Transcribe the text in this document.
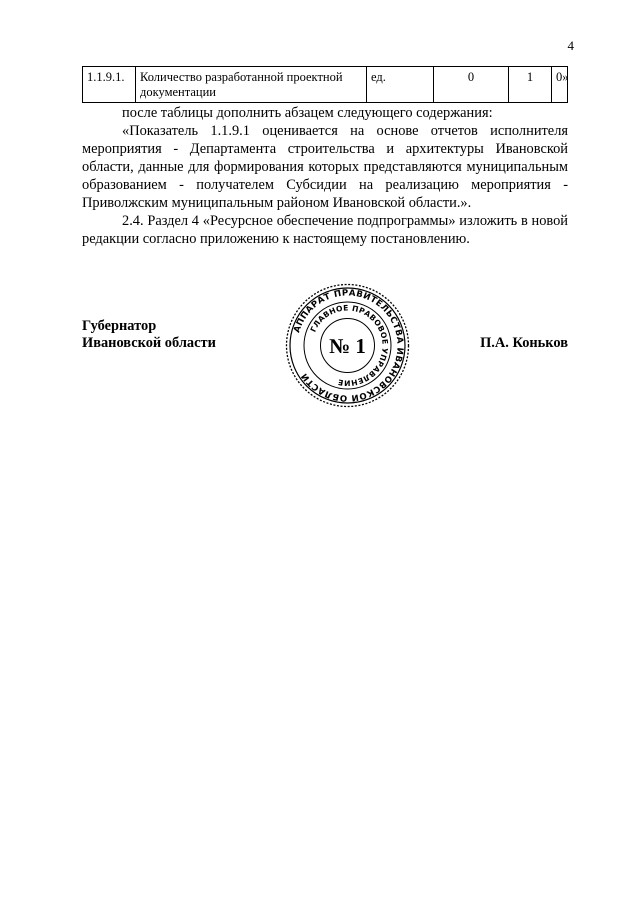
4
1.1.9.1.	Количество разработанной проектной
документации	ед.	0	1	0»

после таблицы дополнить абзацем следующего содержания:

«Показатель 1.1.9.1 оценивается на основе отчетов исполнителя мероприятия - Департамента строительства и архитектуры Ивановской области, данные для формирования которых представляются муниципальным образованием - получателем Субсидии на реализацию мероприятия - Приволжским муниципальным районом Ивановской области.».

2.4. Раздел 4 «Ресурсное обеспечение подпрограммы» изложить в новой редакции согласно приложению к настоящему постановлению.

Губернатор
Ивановской области	П.А. Коньков
АППАРАТ ПРАВИТЕЛЬСТВА ИВАНОВСКОЙ ОБЛАСТИ
ГЛАВНОЕ ПРАВОВОЕ УПРАВЛЕНИЕ
№ 1
